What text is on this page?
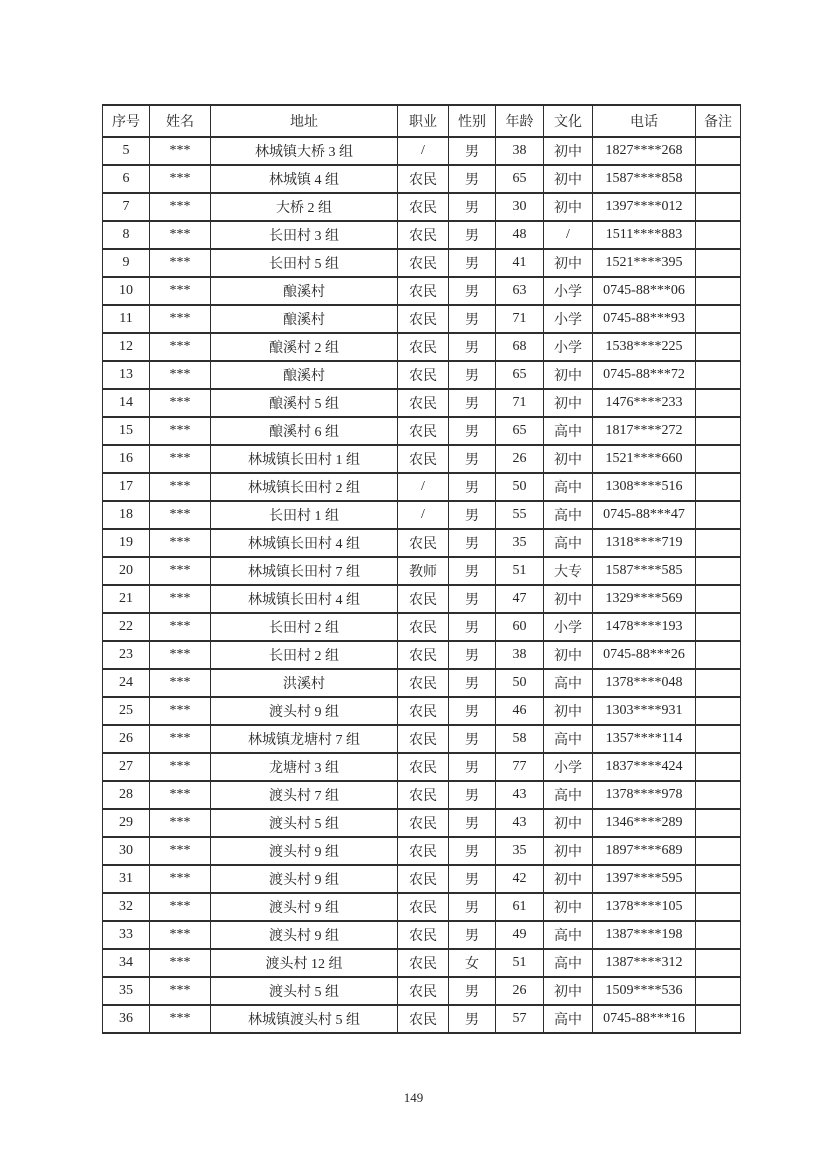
序号	姓名	地址	职业	性别	年龄	文化	电话	备注
5	***	林城镇大桥 3 组	/	男	38	初中	1827****268	
6	***	林城镇 4 组	农民	男	65	初中	1587****858	
7	***	大桥 2 组	农民	男	30	初中	1397****012	
8	***	长田村 3 组	农民	男	48	/	1511****883	
9	***	长田村 5 组	农民	男	41	初中	1521****395	
10	***	酿溪村	农民	男	63	小学	0745-88***06	
11	***	酿溪村	农民	男	71	小学	0745-88***93	
12	***	酿溪村 2 组	农民	男	68	小学	1538****225	
13	***	酿溪村	农民	男	65	初中	0745-88***72	
14	***	酿溪村 5 组	农民	男	71	初中	1476****233	
15	***	酿溪村 6 组	农民	男	65	高中	1817****272	
16	***	林城镇长田村 1 组	农民	男	26	初中	1521****660	
17	***	林城镇长田村 2 组	/	男	50	高中	1308****516	
18	***	长田村 1 组	/	男	55	高中	0745-88***47	
19	***	林城镇长田村 4 组	农民	男	35	高中	1318****719	
20	***	林城镇长田村 7 组	教师	男	51	大专	1587****585	
21	***	林城镇长田村 4 组	农民	男	47	初中	1329****569	
22	***	长田村 2 组	农民	男	60	小学	1478****193	
23	***	长田村 2 组	农民	男	38	初中	0745-88***26	
24	***	洪溪村	农民	男	50	高中	1378****048	
25	***	渡头村 9 组	农民	男	46	初中	1303****931	
26	***	林城镇龙塘村 7 组	农民	男	58	高中	1357****114	
27	***	龙塘村 3 组	农民	男	77	小学	1837****424	
28	***	渡头村 7 组	农民	男	43	高中	1378****978	
29	***	渡头村 5 组	农民	男	43	初中	1346****289	
30	***	渡头村 9 组	农民	男	35	初中	1897****689	
31	***	渡头村 9 组	农民	男	42	初中	1397****595	
32	***	渡头村 9 组	农民	男	61	初中	1378****105	
33	***	渡头村 9 组	农民	男	49	高中	1387****198	
34	***	渡头村 12 组	农民	女	51	高中	1387****312	
35	***	渡头村 5 组	农民	男	26	初中	1509****536	
36	***	林城镇渡头村 5 组	农民	男	57	高中	0745-88***16	
149
